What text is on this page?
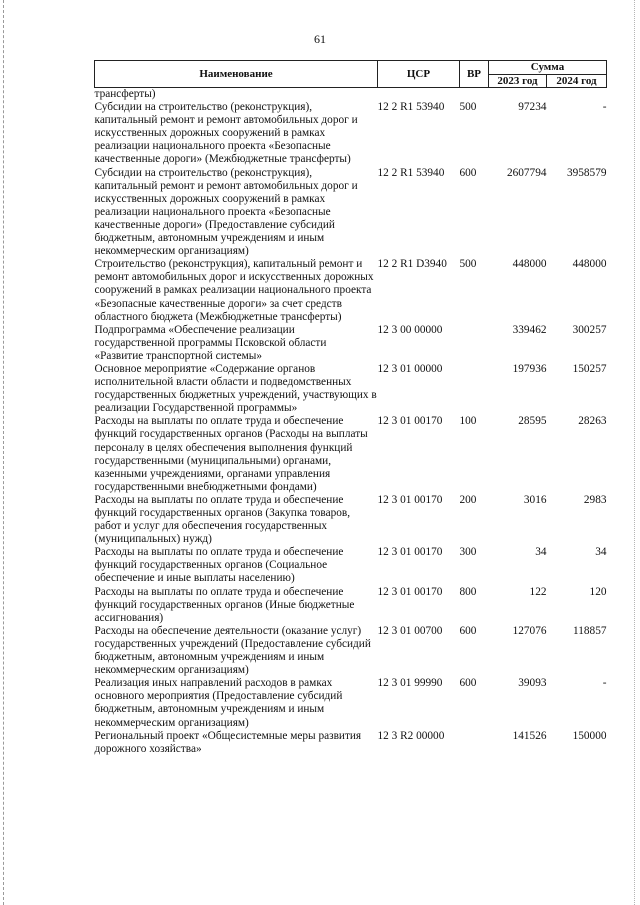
61
Наименование	ЦСР	ВР	Сумма	
			2023 год	2024 год
трансферты)				
Субсидии на строительство (реконструкция), капитальный ремонт и ремонт автомобильных дорог и искусственных дорожных сооружений в рамках реализации национального проекта «Безопасные качественные дороги» (Межбюджетные трансферты)	12 2 R1 53940	500	97234	-
Субсидии на строительство (реконструкция), капитальный ремонт и ремонт автомобильных дорог и искусственных дорожных сооружений в рамках реализации национального проекта «Безопасные качественные дороги» (Предоставление субсидий бюджетным, автономным учреждениям и иным некоммерческим организациям)	12 2 R1 53940	600	2607794	3958579
Строительство (реконструкция), капитальный ремонт и ремонт автомобильных дорог и искусственных дорожных сооружений в рамках реализации национального проекта «Безопасные качественные дороги» за счет средств областного бюджета (Межбюджетные трансферты)	12 2 R1 D3940	500	448000	448000
Подпрограмма «Обеспечение реализации государственной программы Псковской области «Развитие транспортной системы»	12 3 00 00000		339462	300257
Основное мероприятие «Содержание органов исполнительной власти области и подведомственных государственных бюджетных учреждений, участвующих в реализации Государственной программы»	12 3 01 00000		197936	150257
Расходы на выплаты по оплате труда и обеспечение функций государственных органов (Расходы на выплаты персоналу в целях обеспечения выполнения функций государственными (муниципальными) органами, казенными учреждениями, органами управления государственными внебюджетными фондами)	12 3 01 00170	100	28595	28263
Расходы на выплаты по оплате труда и обеспечение функций государственных органов (Закупка товаров, работ и услуг для обеспечения государственных (муниципальных) нужд)	12 3 01 00170	200	3016	2983
Расходы на выплаты по оплате труда и обеспечение функций государственных органов (Социальное обеспечение и иные выплаты населению)	12 3 01 00170	300	34	34
Расходы на выплаты по оплате труда и обеспечение функций государственных органов (Иные бюджетные ассигнования)	12 3 01 00170	800	122	120
Расходы на обеспечение деятельности (оказание услуг) государственных учреждений (Предоставление субсидий бюджетным, автономным учреждениям и иным некоммерческим организациям)	12 3 01 00700	600	127076	118857
Реализация иных направлений расходов в рамках основного мероприятия (Предоставление субсидий бюджетным, автономным учреждениям и иным некоммерческим организациям)	12 3 01 99990	600	39093	-
Региональный проект «Общесистемные меры развития дорожного хозяйства»	12 3 R2 00000		141526	150000
